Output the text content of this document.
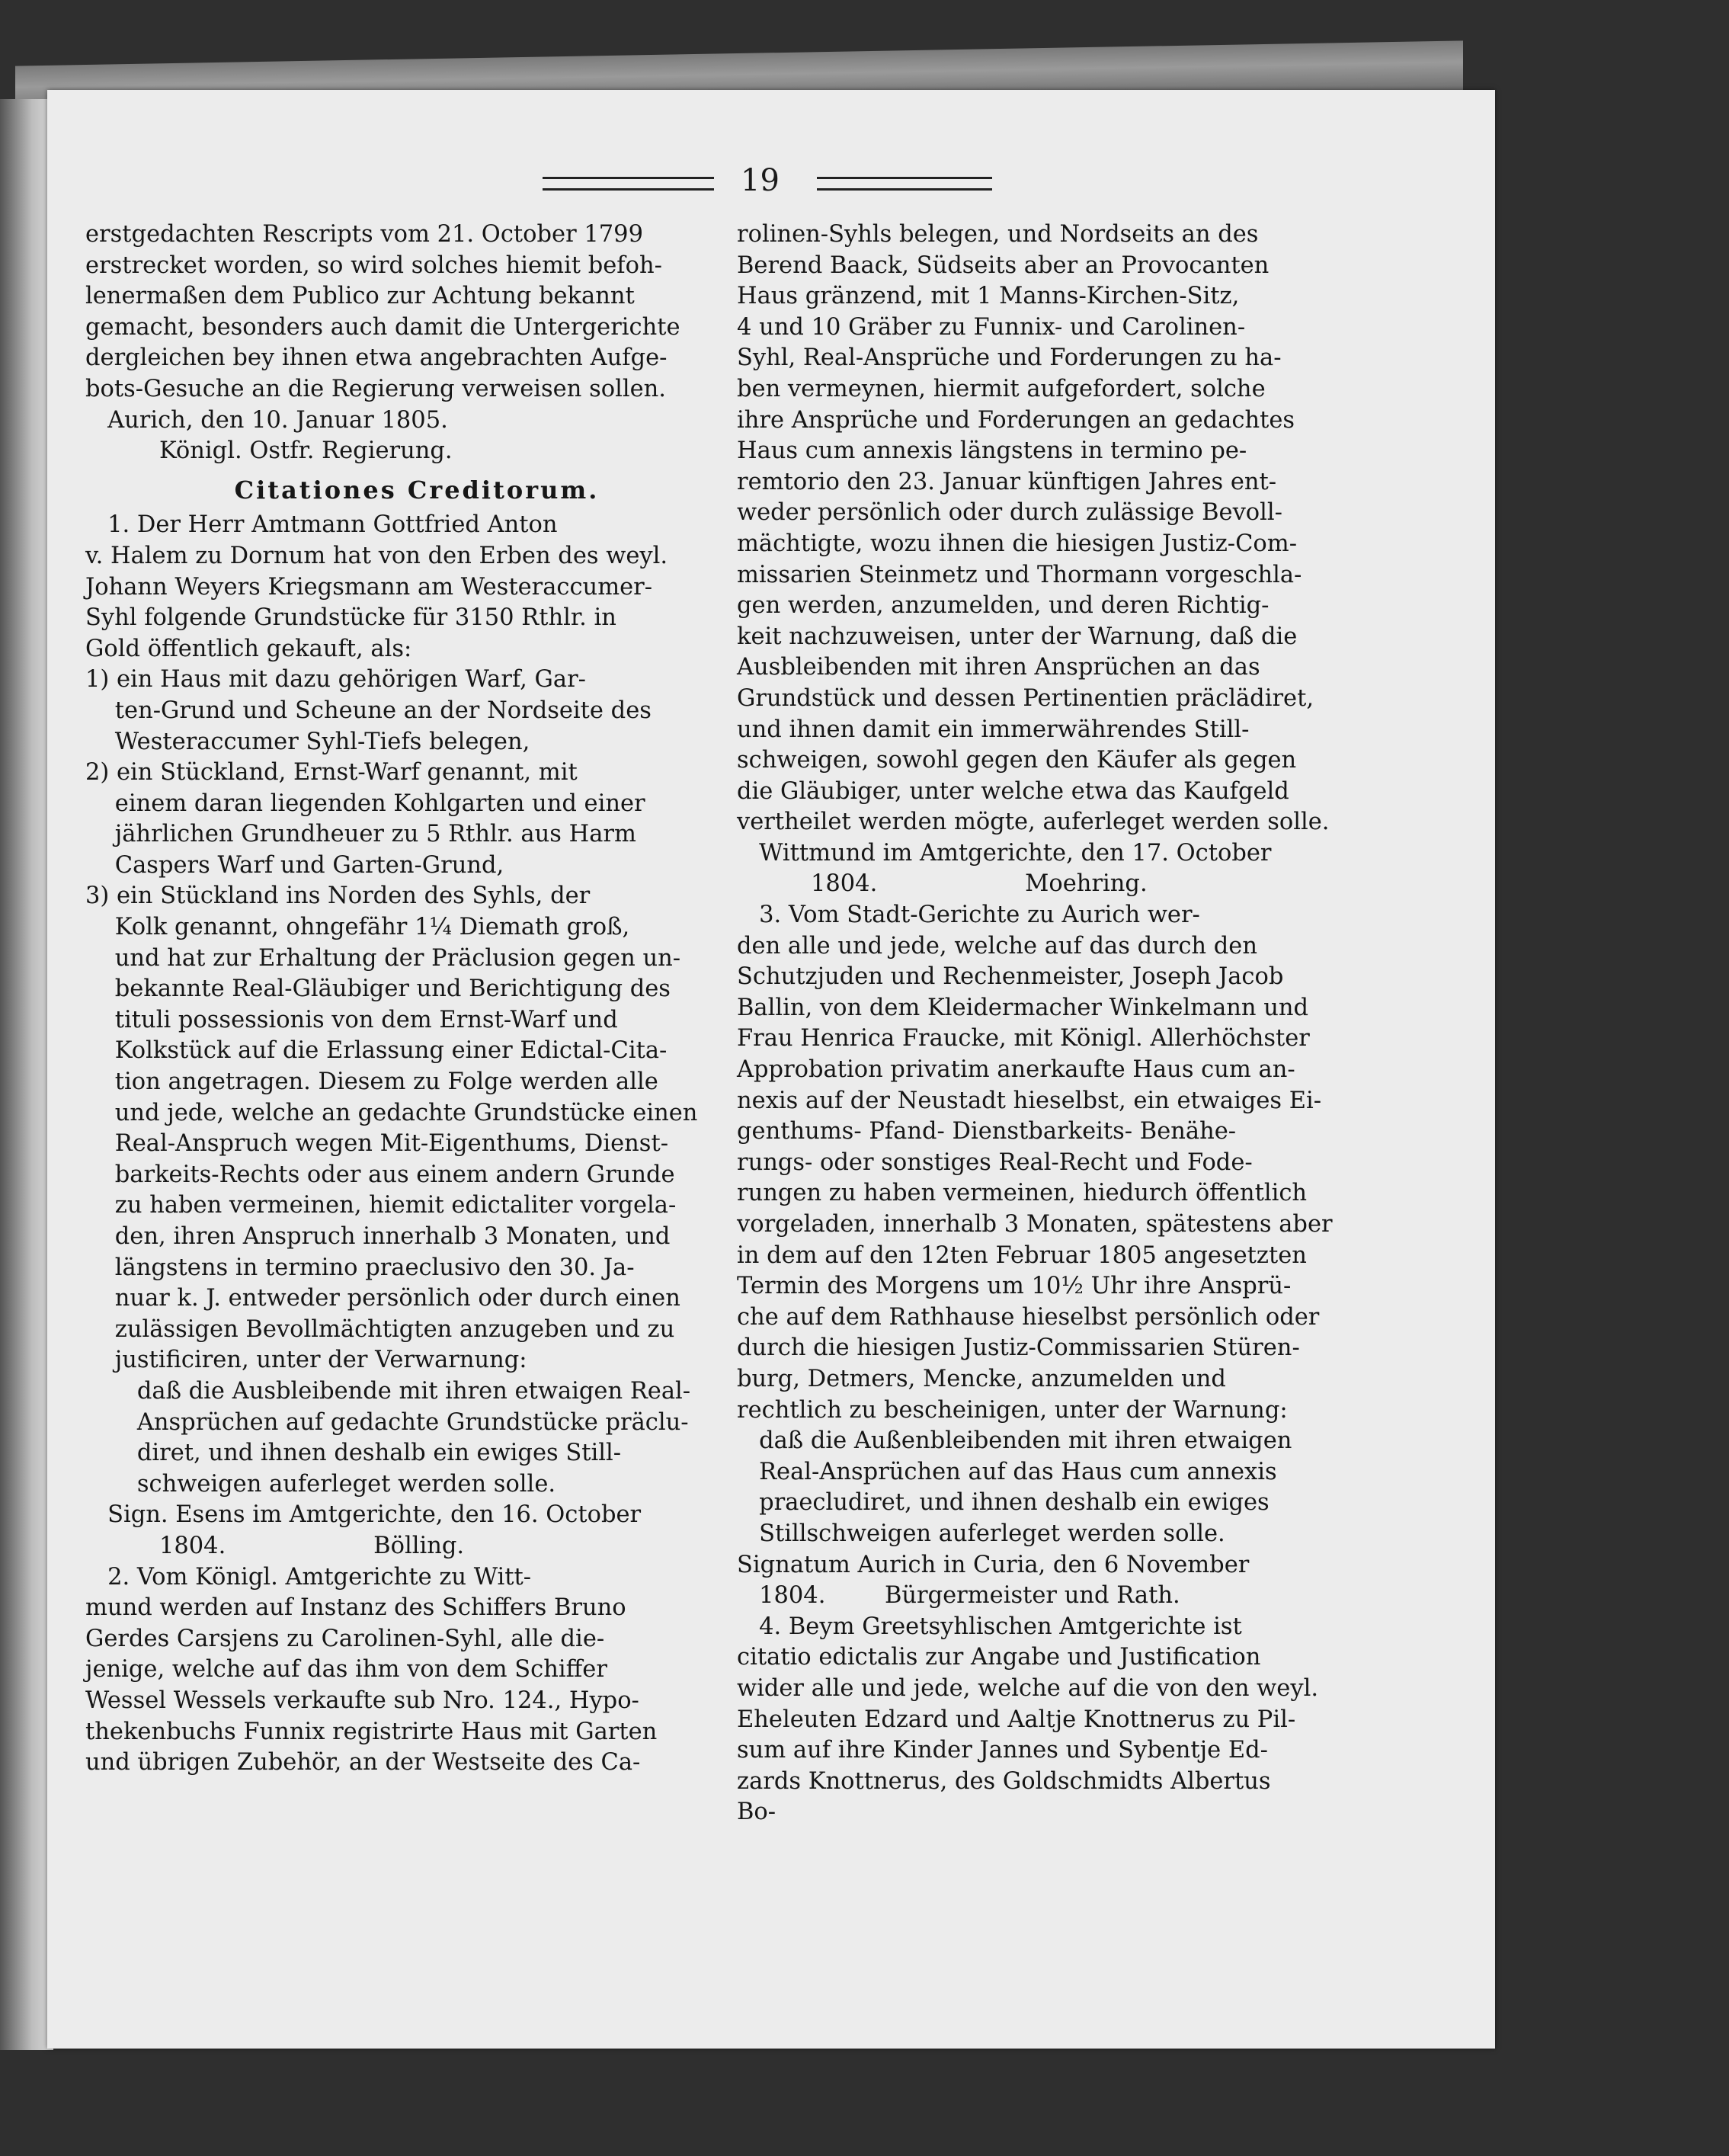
19

erstgedachten Rescripts vom 21. October 1799

erstrecket worden, so wird solches hiemit befoh-

lenermaßen dem Publico zur Achtung bekannt

gemacht, besonders auch damit die Untergerichte

dergleichen bey ihnen etwa angebrachten Aufge-

bots-Gesuche an die Regierung verweisen sollen.

Aurich, den 10. Januar 1805.

Königl. Ostfr. Regierung.

Citationes Creditorum.

1. Der Herr Amtmann Gottfried Anton

v. Halem zu Dornum hat von den Erben des weyl.

Johann Weyers Kriegsmann am Westeraccumer-

Syhl folgende Grundstücke für 3150 Rthlr. in

Gold öffentlich gekauft, als:

1) ein Haus mit dazu gehörigen Warf, Gar-

ten-Grund und Scheune an der Nordseite des

Westeraccumer Syhl-Tiefs belegen,

2) ein Stückland, Ernst-Warf genannt, mit

einem daran liegenden Kohlgarten und einer

jährlichen Grundheuer zu 5 Rthlr. aus Harm

Caspers Warf und Garten-Grund,

3) ein Stückland ins Norden des Syhls, der

Kolk genannt, ohngefähr 1¼ Diemath groß,

und hat zur Erhaltung der Präclusion gegen un-

bekannte Real-Gläubiger und Berichtigung des

tituli possessionis von dem Ernst-Warf und

Kolkstück auf die Erlassung einer Edictal-Cita-

tion angetragen. Diesem zu Folge werden alle

und jede, welche an gedachte Grundstücke einen

Real-Anspruch wegen Mit-Eigenthums, Dienst-

barkeits-Rechts oder aus einem andern Grunde

zu haben vermeinen, hiemit edictaliter vorgela-

den, ihren Anspruch innerhalb 3 Monaten, und

längstens in termino praeclusivo den 30. Ja-

nuar k. J. entweder persönlich oder durch einen

zulässigen Bevollmächtigten anzugeben und zu

justificiren, unter der Verwarnung:

daß die Ausbleibende mit ihren etwaigen Real-

Ansprüchen auf gedachte Grundstücke präclu-

diret, und ihnen deshalb ein ewiges Still-

schweigen auferleget werden solle.

Sign. Esens im Amtgerichte, den 16. October

1804.                    Bölling.

2. Vom Königl. Amtgerichte zu Witt-

mund werden auf Instanz des Schiffers Bruno

Gerdes Carsjens zu Carolinen-Syhl, alle die-

jenige, welche auf das ihm von dem Schiffer

Wessel Wessels verkaufte sub Nro. 124., Hypo-

thekenbuchs Funnix registrirte Haus mit Garten

und übrigen Zubehör, an der Westseite des Ca-

rolinen-Syhls belegen, und Nordseits an des

Berend Baack, Südseits aber an Provocanten

Haus gränzend, mit 1 Manns-Kirchen-Sitz,

4 und 10 Gräber zu Funnix- und Carolinen-

Syhl, Real-Ansprüche und Forderungen zu ha-

ben vermeynen, hiermit aufgefordert, solche

ihre Ansprüche und Forderungen an gedachtes

Haus cum annexis längstens in termino pe-

remtorio den 23. Januar künftigen Jahres ent-

weder persönlich oder durch zulässige Bevoll-

mächtigte, wozu ihnen die hiesigen Justiz-Com-

missarien Steinmetz und Thormann vorgeschla-

gen werden, anzumelden, und deren Richtig-

keit nachzuweisen, unter der Warnung, daß die

Ausbleibenden mit ihren Ansprüchen an das

Grundstück und dessen Pertinentien präclädiret,

und ihnen damit ein immerwährendes Still-

schweigen, sowohl gegen den Käufer als gegen

die Gläubiger, unter welche etwa das Kaufgeld

vertheilet werden mögte, auferleget werden solle.

Wittmund im Amtgerichte, den 17. October

1804.                    Moehring.

3. Vom Stadt-Gerichte zu Aurich wer-

den alle und jede, welche auf das durch den

Schutzjuden und Rechenmeister, Joseph Jacob

Ballin, von dem Kleidermacher Winkelmann und

Frau Henrica Fraucke, mit Königl. Allerhöchster

Approbation privatim anerkaufte Haus cum an-

nexis auf der Neustadt hieselbst, ein etwaiges Ei-

genthums- Pfand- Dienstbarkeits- Benähe-

rungs- oder sonstiges Real-Recht und Fode-

rungen zu haben vermeinen, hiedurch öffentlich

vorgeladen, innerhalb 3 Monaten, spätestens aber

in dem auf den 12ten Februar 1805 angesetzten

Termin des Morgens um 10½ Uhr ihre Ansprü-

che auf dem Rathhause hieselbst persönlich oder

durch die hiesigen Justiz-Commissarien Stüren-

burg, Detmers, Mencke, anzumelden und

rechtlich zu bescheinigen, unter der Warnung:

daß die Außenbleibenden mit ihren etwaigen

Real-Ansprüchen auf das Haus cum annexis

praecludiret, und ihnen deshalb ein ewiges

Stillschweigen auferleget werden solle.

Signatum Aurich in Curia, den 6 November

1804.        Bürgermeister und Rath.

4. Beym Greetsyhlischen Amtgerichte ist

citatio edictalis zur Angabe und Justification

wider alle und jede, welche auf die von den weyl.

Eheleuten Edzard und Aaltje Knottnerus zu Pil-

sum auf ihre Kinder Jannes und Sybentje Ed-

zards Knottnerus, des Goldschmidts Albertus

Bo-
